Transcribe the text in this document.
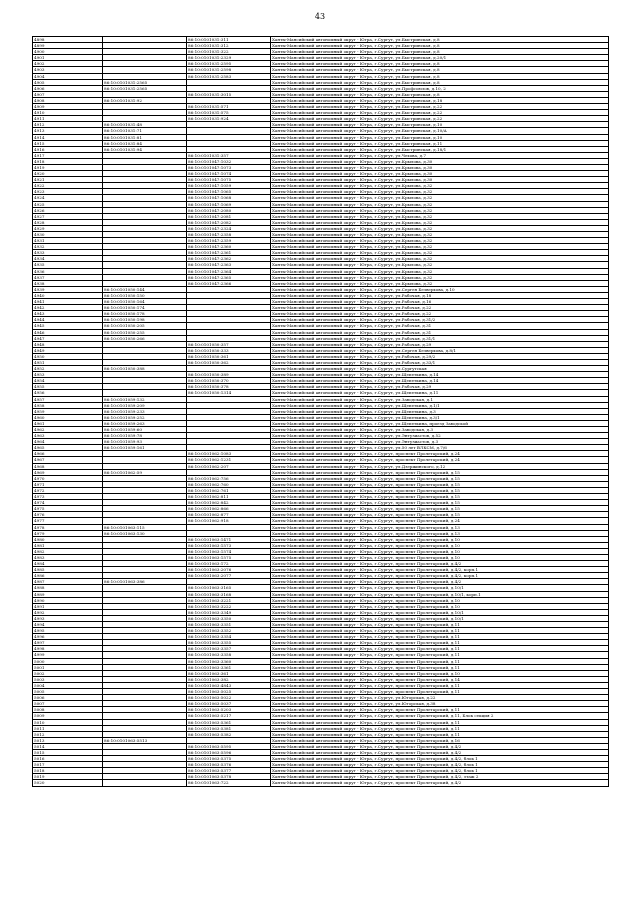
43
4898		86:10:0101031:311	Ханты-Мансийский автономный округ - Югра, г.Сургут, ул.Быстринская, д.8
4899		86:10:0101031:312	Ханты-Мансийский автономный округ - Югра, г.Сургут, ул.Быстринская, д.8
4900		86:10:0101031:322	Ханты-Мансийский автономный округ - Югра, г.Сургут, ул.Быстринская, д.8
4901		86:10:0101031:2329	Ханты-Мансийский автономный округ - Югра, г.Сургут, ул.Быстринская, д.20/1
4902		86:10:0101031:2595	Ханты-Мансийский автономный округ - Югра, г.Сургут, ул.Быстринская, д.8
4903		86:10:0101031:2598	Ханты-Мансийский автономный округ - Югра, г.Сургут, ул.Быстринская, д.8
4904		86:10:0101031:2583	Ханты-Мансийский автономный округ - Югра, г.Сургут, ул.Быстринская, д.8
4905	86:10:0101031:2565		Ханты-Мансийский автономный округ - Югра, г.Сургут, ул.Быстринская, д.8
4906	86:10:0101031:2565		Ханты-Мансийский автономный округ - Югра, г.Сургут, ул.Профсоюзов, д.10, 2
4907		86:10:0101031:3015	Ханты-Мансийский автономный округ - Югра, г.Сургут, ул.Быстринская, д.8
4908	86:10:0101031:92		Ханты-Мансийский автономный округ - Югра, г.Сургут, ул.Быстринская, д.18
4909		86:10:0101031:571	Ханты-Мансийский автономный округ - Югра, г.Сургут, ул.Быстринская, д.22
4910		86:10:0101031:575	Ханты-Мансийский автономный округ - Югра, г.Сургут, ул.Быстринская, д.22
4911		86:10:0101031:924	Ханты-Мансийский автономный округ - Югра, г.Сургут, ул.Быстринская, д.22
4912	86:10:0101031:48		Ханты-Мансийский автономный округ - Югра, г.Сургут, ул.Быстринская, д.10
4913	86:10:0101031:71		Ханты-Мансийский автономный округ - Югра, г.Сургут, ул.Быстринская, д.10/А
4914	86:10:0101031:81		Ханты-Мансийский автономный округ - Югра, г.Сургут, ул.Быстринская, д.10
4915	86:10:0101031:84		Ханты-Мансийский автономный округ - Югра, г.Сургут, ул.Быстринская, д.11
4916	86:10:0101031:94		Ханты-Мансийский автономный округ - Югра, г.Сургут, ул.Быстринская, д.18/1
4917		86:10:0101031:357	Ханты-Мансийский автономный округ - Югра, г.Сургут, ул.Чехова, д.7
4918		86:10:0101047:1032	Ханты-Мансийский автономный округ - Югра, г.Сургут, ул.Крылова, д.30
4919		86:10:0101047:1073	Ханты-Мансийский автономный округ - Югра, г.Сургут, ул.Крылова, д.30
4920		86:10:0101047:1074	Ханты-Мансийский автономный округ - Югра, г.Сургут, ул.Крылова, д.30
4921		86:10:0101047:1075	Ханты-Мансийский автономный округ - Югра, г.Сургут, ул.Крылова, д.30
4922		86:10:0101047:1059	Ханты-Мансийский автономный округ - Югра, г.Сургут, ул.Крылова, д.32
4923		86:10:0101047:1065	Ханты-Мансийский автономный округ - Югра, г.Сургут, ул.Крылова, д.32
4924		86:10:0101047:1068	Ханты-Мансийский автономный округ - Югра, г.Сургут, ул.Крылова, д.32
4925		86:10:0101047:1069	Ханты-Мансийский автономный округ - Югра, г.Сургут, ул.Крылова, д.32
4926		86:10:0101047:2080	Ханты-Мансийский автономный округ - Югра, г.Сургут, ул.Крылова, д.32
4927		86:10:0101047:2081	Ханты-Мансийский автономный округ - Югра, г.Сургут, ул.Крылова, д.32
4928		86:10:0101047:2082	Ханты-Мансийский автономный округ - Югра, г.Сургут, ул.Крылова, д.32
4929		86:10:0101047:2324	Ханты-Мансийский автономный округ - Югра, г.Сургут, ул.Крылова, д.32
4930		86:10:0101047:2358	Ханты-Мансийский автономный округ - Югра, г.Сургут, ул.Крылова, д.32
4931		86:10:0101047:2359	Ханты-Мансийский автономный округ - Югра, г.Сургут, ул.Крылова, д.32
4932		86:10:0101047:2360	Ханты-Мансийский автономный округ - Югра, г.Сургут, ул.Крылова, д.32
4933		86:10:0101047:2361	Ханты-Мансийский автономный округ - Югра, г.Сургут, ул.Крылова, д.32
4934		86:10:0101047:2362	Ханты-Мансийский автономный округ - Югра, г.Сургут, ул.Крылова, д.32
4935		86:10:0101047:2363	Ханты-Мансийский автономный округ - Югра, г.Сургут, ул.Крылова, д.32
4936		86:10:0101047:2364	Ханты-Мансийский автономный округ - Югра, г.Сургут, ул.Крылова, д.32
4937		86:10:0101047:2365	Ханты-Мансийский автономный округ - Югра, г.Сургут, ул.Крылова, д.32
4938		86:10:0101047:2366	Ханты-Мансийский автономный округ - Югра, г.Сургут, ул.Крылова, д.32
4939	86:10:0101050:144		Ханты-Мансийский автономный округ - Югра, г.Сургут, ул.Сергея Безверхова, д.10
4940	86:10:0101050:150		Ханты-Мансийский автономный округ - Югра, г.Сургут, ул.Рабочая, д.18
4941	86:10:0101050:164		Ханты-Мансийский автономный округ - Югра, г.Сургут, ул.Рабочая, д.16
4942	86:10:0101050:174		Ханты-Мансийский автономный округ - Югра, г.Сургут, ул.Рабочая, д.22
4943	86:10:0101050:178		Ханты-Мансийский автономный округ - Югра, г.Сургут, ул.Рабочая, д.22
4944	86:10:0101050:198		Ханты-Мансийский автономный округ - Югра, г.Сургут, ул.Рабочая, д.31/2
4945	86:10:0101050:205		Ханты-Мансийский автономный округ - Югра, г.Сургут, ул.Рабочая, д.31
4946	86:10:0101050:255		Ханты-Мансийский автономный округ - Югра, г.Сургут, ул.Рабочая, д.31
4947	86:10:0101050:266		Ханты-Мансийский автономный округ - Югра, г.Сургут, ул.Рабочая, д.31/1
4948		86:10:0101050:357	Ханты-Мансийский автономный округ - Югра, г.Сургут, ул.Рабочая, д.29
4949		86:10:0101050:333	Ханты-Мансийский автономный округ - Югра, г.Сургут, ул.Сергея Безверхова, д.8/1
4950		86:10:0101050:361	Ханты-Мансийский автономный округ - Югра, г.Сургут, ул.Рабочая, д.29/2
4951		86:10:0101050:362	Ханты-Мансийский автономный округ - Югра, г.Сургут, ул.Рабочая, д.33/1
4952	86:10:0101050:388		Ханты-Мансийский автономный округ - Югра, г.Сургут, ул.Сургутская
4953		86:10:0101050:389	Ханты-Мансийский автономный округ - Югра, г.Сургут, ул.Щепеткина, д.14
4954		86:10:0101050:370	Ханты-Мансийский автономный округ - Югра, г.Сургут, ул.Щепеткина, д.14
4955		86:10:0101050:378	Ханты-Мансийский автономный округ - Югра, г.Сургут, ул.Рабочая, д.29
4956		86:10:0101050:1314	Ханты-Мансийский автономный округ - Югра, г.Сургут, ул.Щепеткина, д.11
4957	86:10:0101059:132		Ханты-Мансийский автономный округ - Югра, г.Сургут, ул.Заводская, д.1
4958	86:10:0101059:209		Ханты-Мансийский автономный округ - Югра, г.Сургут, ул.Щепеткина, д.1/1
4959	86:10:0101059:233		Ханты-Мансийский автономный округ - Югра, г.Сургут, ул.Щепеткина, д.3
4960	86:10:0101059:252		Ханты-Мансийский автономный округ - Югра, г.Сургут, ул.Щепеткина, д.3/1
4961	86:10:0101059:263		Ханты-Мансийский автономный округ - Югра, г.Сургут, ул.Щепеткина, проезд Заводской
4962	86:10:0101059:60		Ханты-Мансийский автономный округ - Югра, г.Сургут, ул.Заводская, д.3
4963	86:10:0101059:78		Ханты-Мансийский автономный округ - Югра, г.Сургут, ул.Энтузиастов, д.52
4964	86:10:0101059:93		Ханты-Мансийский автономный округ - Югра, г.Сургут, ул.Энтузиастов, д.3
4965	86:10:0101059:161		Ханты-Мансийский автономный округ - Югра, г.Сургут, ул.50 лет ВЛКСМ, д.7/6
4966		86:10:0101062:1083	Ханты-Мансийский автономный округ - Югра, г.Сургут, проспект Пролетарский, д.24
4967		86:10:0101062:1231	Ханты-Мансийский автономный округ - Югра, г.Сургут, проспект Пролетарский, д.24
4968		86:10:0101062:207	Ханты-Мансийский автономный округ - Югра, г.Сургут, ул.Дзержинского, д.12
4969	86:10:0101062:59		Ханты-Мансийский автономный округ - Югра, г.Сургут, проспект Пролетарский, д.15
4970		86:10:0101062:756	Ханты-Мансийский автономный округ - Югра, г.Сургут, проспект Пролетарский, д.15
4971		86:10:0101062:760	Ханты-Мансийский автономный округ - Югра, г.Сургут, проспект Пролетарский, д.15
4972		86:10:0101062:761	Ханты-Мансийский автономный округ - Югра, г.Сургут, проспект Пролетарский, д.15
4973		86:10:0101062:811	Ханты-Мансийский автономный округ - Югра, г.Сургут, проспект Пролетарский, д.15
4974		86:10:0101062:842	Ханты-Мансийский автономный округ - Югра, г.Сургут, проспект Пролетарский, д.15
4975		86:10:0101062:866	Ханты-Мансийский автономный округ - Югра, г.Сургут, проспект Пролетарский, д.15
4976		86:10:0101062:877	Ханты-Мансийский автономный округ - Югра, г.Сургут, проспект Пролетарский, д.15
4977		86:10:0101062:918	Ханты-Мансийский автономный округ - Югра, г.Сургут, проспект Пролетарский, д.24
4978	86:10:0101063:115		Ханты-Мансийский автономный округ - Югра, г.Сургут, проспект Пролетарский, д.13
4979	86:10:0101063:130		Ханты-Мансийский автономный округ - Югра, г.Сургут, проспект Пролетарский, д.13
4980		86:10:0101063:1471	Ханты-Мансийский автономный округ - Югра, г.Сургут, проспект Пролетарский, д.10
4981		86:10:0101063:1573	Ханты-Мансийский автономный округ - Югра, г.Сургут, проспект Пролетарский, д.10
4982		86:10:0101063:1574	Ханты-Мансийский автономный округ - Югра, г.Сургут, проспект Пролетарский, д.10
4983		86:10:0101063:1575	Ханты-Мансийский автономный округ - Югра, г.Сургут, проспект Пролетарский, д.10
4984		86:10:0101063:172	Ханты-Мансийский автономный округ - Югра, г.Сургут, проспект Пролетарский, д.4/2
4985		86:10:0101063:2076	Ханты-Мансийский автономный округ - Югра, г.Сургут, проспект Пролетарский, д.4/2, корп.1
4986		86:10:0101063:2077	Ханты-Мансийский автономный округ - Югра, г.Сургут, проспект Пролетарский, д.4/2, корп.1
4987	86:10:0101063:386		Ханты-Мансийский автономный округ - Югра, г.Сургут, проспект Пролетарский, д.4/2
4988		86:10:0101063:3165	Ханты-Мансийский автономный округ - Югра, г.Сургут, проспект Пролетарский, д.10/1
4989		86:10:0101063:3168	Ханты-Мансийский автономный округ - Югра, г.Сургут, проспект Пролетарский, д.10/1, корп.1
4990		86:10:0101063:3221	Ханты-Мансийский автономный округ - Югра, г.Сургут, проспект Пролетарский, д.10
4991		86:10:0101063:3222	Ханты-Мансийский автономный округ - Югра, г.Сургут, проспект Пролетарский, д.10
4992		86:10:0101063:3349	Ханты-Мансийский автономный округ - Югра, г.Сургут, проспект Пролетарский, д.10/1
4993		86:10:0101063:3350	Ханты-Мансийский автономный округ - Югра, г.Сургут, проспект Пролетарский, д.10/1
4994		86:10:0101063:3351	Ханты-Мансийский автономный округ - Югра, г.Сургут, проспект Пролетарский, д.11
4995		86:10:0101063:3352	Ханты-Мансийский автономный округ - Югра, г.Сургут, проспект Пролетарский, д.11
4996		86:10:0101063:3354	Ханты-Мансийский автономный округ - Югра, г.Сургут, проспект Пролетарский, д.11
4997		86:10:0101063:3355	Ханты-Мансийский автономный округ - Югра, г.Сургут, проспект Пролетарский, д.11
4998		86:10:0101063:3357	Ханты-Мансийский автономный округ - Югра, г.Сургут, проспект Пролетарский, д.11
4999		86:10:0101063:3358	Ханты-Мансийский автономный округ - Югра, г.Сургут, проспект Пролетарский, д.11
5000		86:10:0101063:3360	Ханты-Мансийский автономный округ - Югра, г.Сургут, проспект Пролетарский, д.11
5001		86:10:0101063:3361	Ханты-Мансийский автономный округ - Югра, г.Сургут, проспект Пролетарский, д.11
5002		86:10:0101063:361	Ханты-Мансийский автономный округ - Югра, г.Сургут, проспект Пролетарский, д.10
5003		86:10:0101063:382	Ханты-Мансийский автономный округ - Югра, г.Сургут, проспект Пролетарский, д.14
5004		86:10:0101063:4843	Ханты-Мансийский автономный округ - Югра, г.Сургут, проспект Пролетарский, д.11
5005		86:10:0101063:5025	Ханты-Мансийский автономный округ - Югра, г.Сургут, проспект Пролетарский, д.11
5006		86:10:0101063:5022	Ханты-Мансийский автономный округ - Югра, г.Сургут, ул.Югорская, д.22
5007		86:10:0101063:5037	Ханты-Мансийский автономный округ - Югра, г.Сургут, ул.Югорская, д.38
5008		86:10:0101063:5203	Ханты-Мансийский автономный округ - Югра, г.Сургут, проспект Пролетарский, д.11
5009		86:10:0101063:5217	Ханты-Мансийский автономный округ - Югра, г.Сургут, проспект Пролетарский, д.11, Блок секция 2
5010		86:10:0101063:5361	Ханты-Мансийский автономный округ - Югра, г.Сургут, проспект Пролетарский, д.11
5011		86:10:0101063:5381	Ханты-Мансийский автономный округ - Югра, г.Сургут, проспект Пролетарский, д.11
5012		86:10:0101063:5382	Ханты-Мансийский автономный округ - Югра, г.Сургут, проспект Пролетарский, д.11
5013	86:10:0101063:5513		Ханты-Мансийский автономный округ - Югра, г.Сургут, проспект Пролетарский, д.16
5014		86:10:0101063:5595	Ханты-Мансийский автономный округ - Югра, г.Сургут, проспект Пролетарский, д.4/2
5015		86:10:0101063:5596	Ханты-Мансийский автономный округ - Югра, г.Сургут, проспект Пролетарский, д.4/2
5016		86:10:0101063:5375	Ханты-Мансийский автономный округ - Югра, г.Сургут, проспект Пролетарский, д.4/2, блок 1
5017		86:10:0101063:5376	Ханты-Мансийский автономный округ - Югра, г.Сургут, проспект Пролетарский, д.4/2, блок 1
5018		86:10:0101063:5377	Ханты-Мансийский автономный округ - Югра, г.Сургут, проспект Пролетарский, д.4/2, блок 1
5019		86:10:0101063:5378	Ханты-Мансийский автономный округ - Югра, г.Сургут, проспект Пролетарский, д.4/2, этаж 2
5020		86:10:0101063:722	Ханты-Мансийский автономный округ - Югра, г.Сургут, проспект Пролетарский, д.4/2
